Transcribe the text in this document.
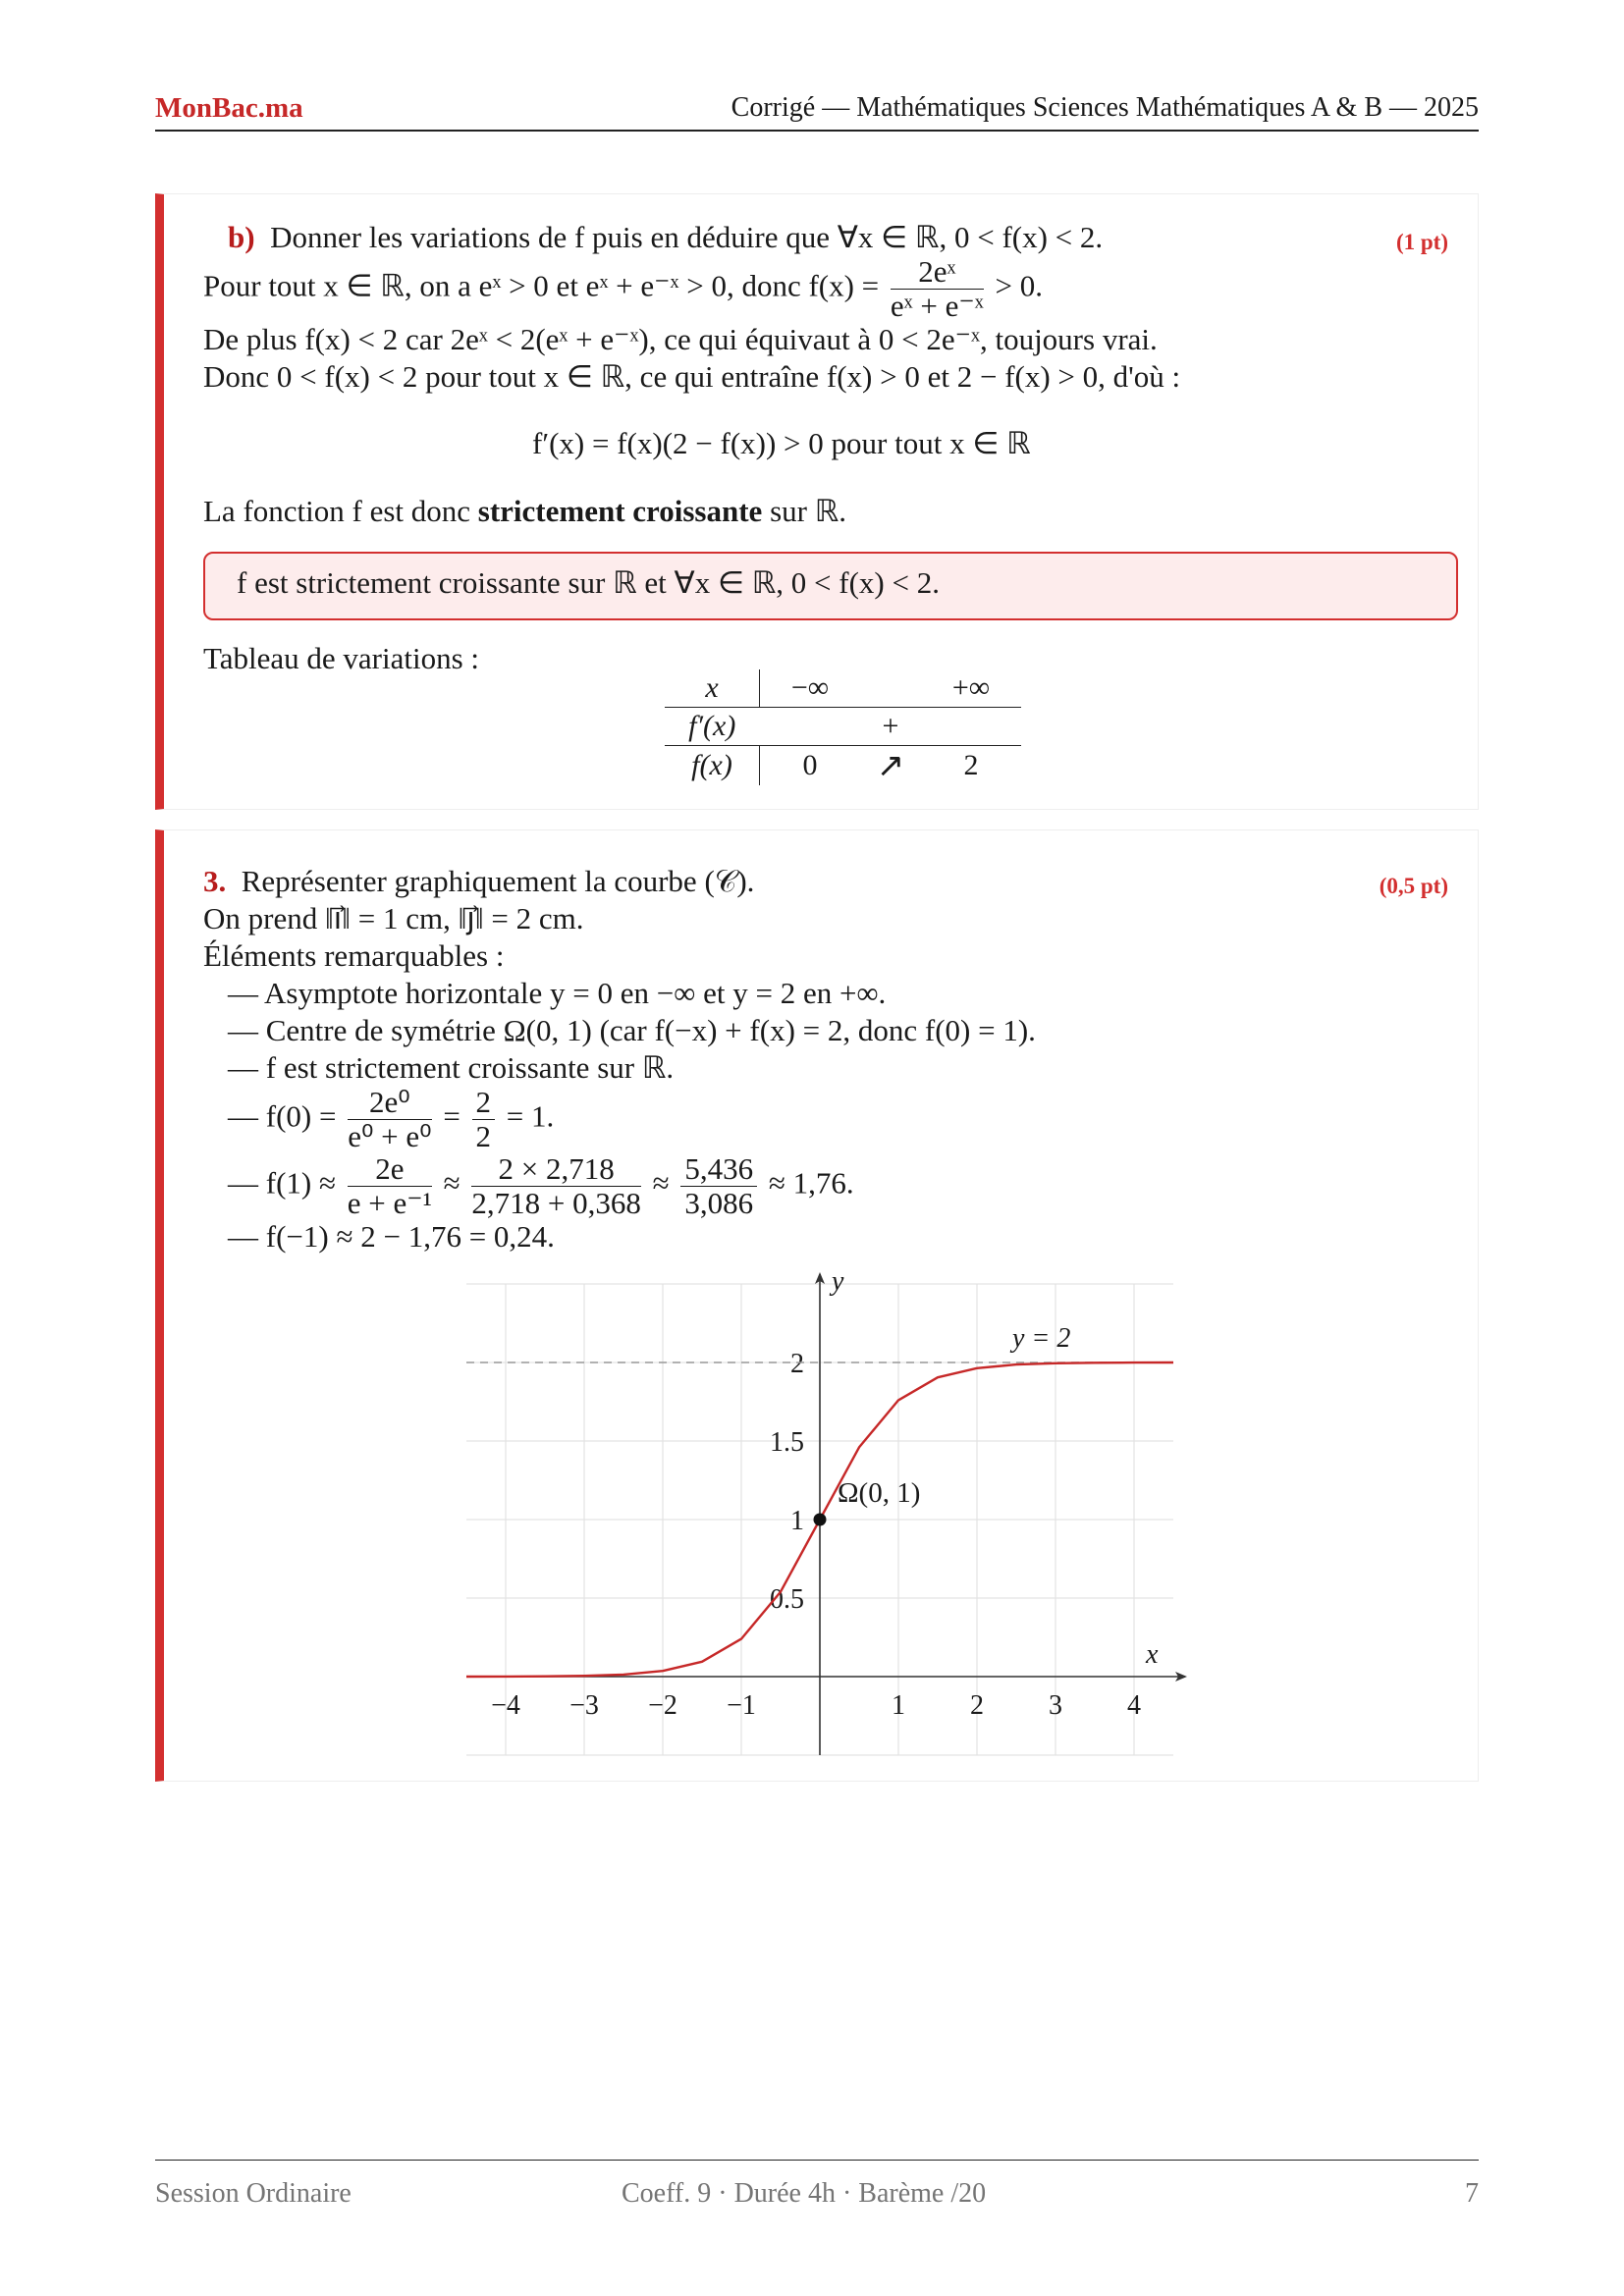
MonBac.ma	Corrigé — Mathématiques Sciences Mathématiques A & B — 2025
b) Donner les variations de f puis en déduire que ∀x ∈ ℝ, 0 < f(x) < 2.	(1 pt)
Pour tout x ∈ ℝ, on a eˣ > 0 et eˣ + e⁻ˣ > 0, donc $f(x) = \frac{\text{2eˣ}}{\text{eˣ + e⁻ˣ}} > 0$.
De plus f(x) < 2 car 2eˣ < 2(eˣ + e⁻ˣ), ce qui équivaut à 0 < 2e⁻ˣ, toujours vrai.
Donc 0 < f(x) < 2 pour tout x ∈ ℝ, ce qui entraîne f(x) > 0 et 2 − f(x) > 0, d'où :
f′(x) = f(x)(2 − f(x)) > 0 pour tout x ∈ ℝ
La fonction f est donc strictement croissante sur ℝ.
f est strictement croissante sur ℝ et ∀x ∈ ℝ, 0 < f(x) < 2.
Tableau de variations :
x	−∞		+∞
f′(x)		+	
f(x)	0	↗	2
3. Représenter graphiquement la courbe (𝒞).	(0,5 pt)
On prend ‖ı⃗‖ = 1 cm, ‖ȷ⃗‖ = 2 cm.
Éléments remarquables :
— Asymptote horizontale y = 0 en −∞ et y = 2 en +∞.
— Centre de symétrie Ω(0, 1) (car f(−x) + f(x) = 2, donc f(0) = 1).
— f est strictement croissante sur ℝ.
— $f(0) = \frac{\text{2e⁰}}{\text{e⁰ + e⁰}} = \frac{2}{2} = 1$.
— $f(1) \approx \frac{2e}{\text{e + e⁻¹}} \approx \frac{2 \times 2,718}{2,718 + 0,368} \approx \frac{5,436}{3,086} \approx 1,76$.
— f(−1) ≈ 2 − 1,76 = 0,24.
x
y
−4 −3 −2 −1	1 2 3 4
0.5
1
1.5
2
y = 2
Ω(0, 1)
Session Ordinaire	Coeff. 9 · Durée 4h · Barème /20	7
